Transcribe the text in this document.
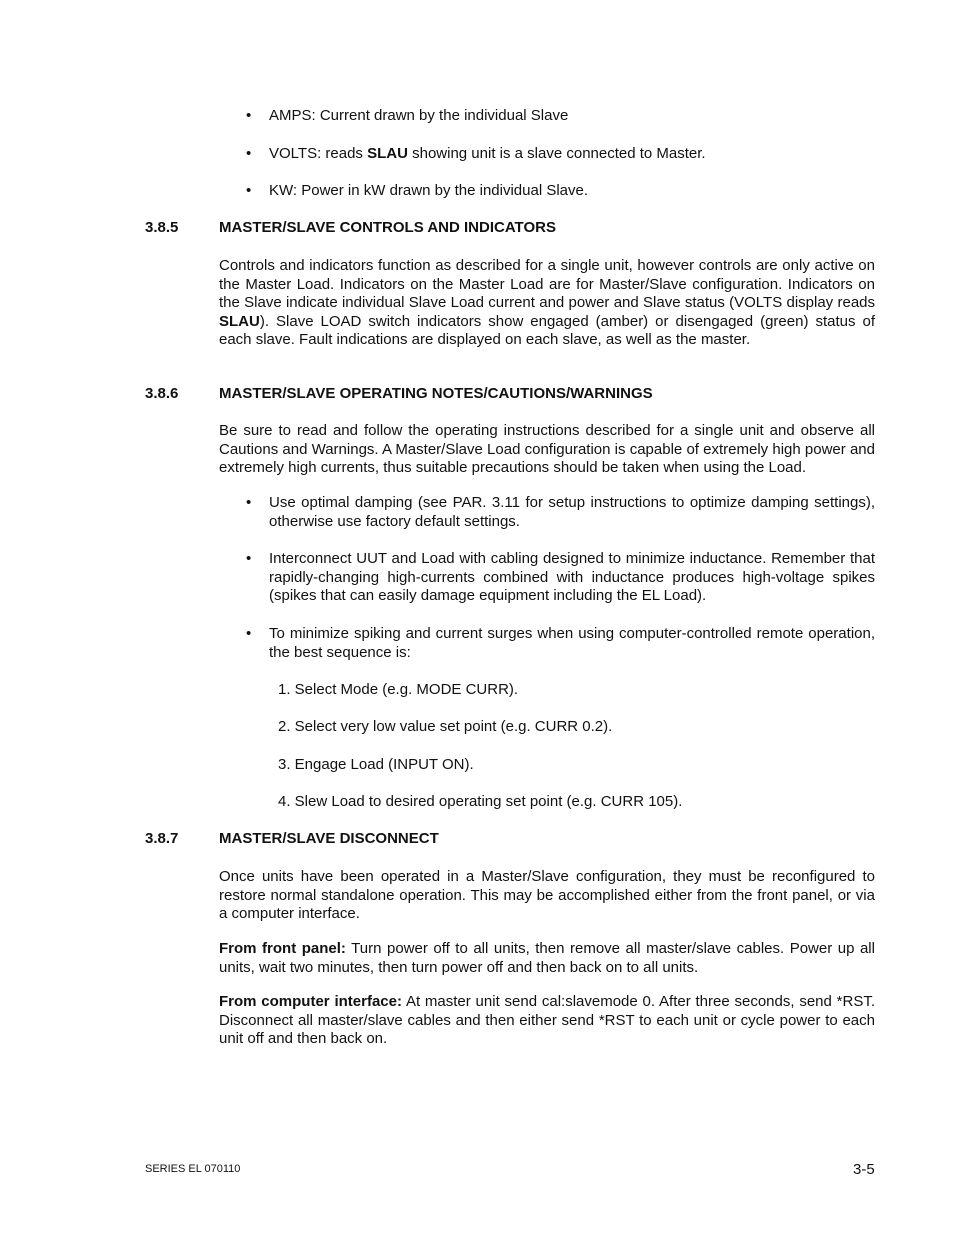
• AMPS: Current drawn by the individual Slave
• VOLTS: reads SLAU showing unit is a slave connected to Master.
• KW: Power in kW drawn by the individual Slave.
3.8.5	MASTER/SLAVE CONTROLS AND INDICATORS
Controls and indicators function as described for a single unit, however controls are only active on the Master Load. Indicators on the Master Load are for Master/Slave configuration. Indicators on the Slave indicate individual Slave Load current and power and Slave status (VOLTS display reads SLAU). Slave LOAD switch indicators show engaged (amber) or disengaged (green) status of each slave. Fault indications are displayed on each slave, as well as the master.
3.8.6	MASTER/SLAVE OPERATING NOTES/CAUTIONS/WARNINGS
Be sure to read and follow the operating instructions described for a single unit and observe all Cautions and Warnings. A Master/Slave Load configuration is capable of extremely high power and extremely high currents, thus suitable precautions should be taken when using the Load.
• Use optimal damping (see PAR. 3.11 for setup instructions to optimize damping settings), otherwise use factory default settings.
• Interconnect UUT and Load with cabling designed to minimize inductance. Remember that rapidly-changing high-currents combined with inductance produces high-voltage spikes (spikes that can easily damage equipment including the EL Load).
• To minimize spiking and current surges when using computer-controlled remote operation, the best sequence is:
1. Select Mode (e.g. MODE CURR).
2. Select very low value set point (e.g. CURR 0.2).
3. Engage Load (INPUT ON).
4. Slew Load to desired operating set point (e.g. CURR 105).
3.8.7	MASTER/SLAVE DISCONNECT
Once units have been operated in a Master/Slave configuration, they must be reconfigured to restore normal standalone operation. This may be accomplished either from the front panel, or via a computer interface.
From front panel: Turn power off to all units, then remove all master/slave cables. Power up all units, wait two minutes, then turn power off and then back on to all units.
From computer interface: At master unit send cal:slavemode 0. After three seconds, send *RST. Disconnect all master/slave cables and then either send *RST to each unit or cycle power to each unit off and then back on.
SERIES EL 070110	3-5
